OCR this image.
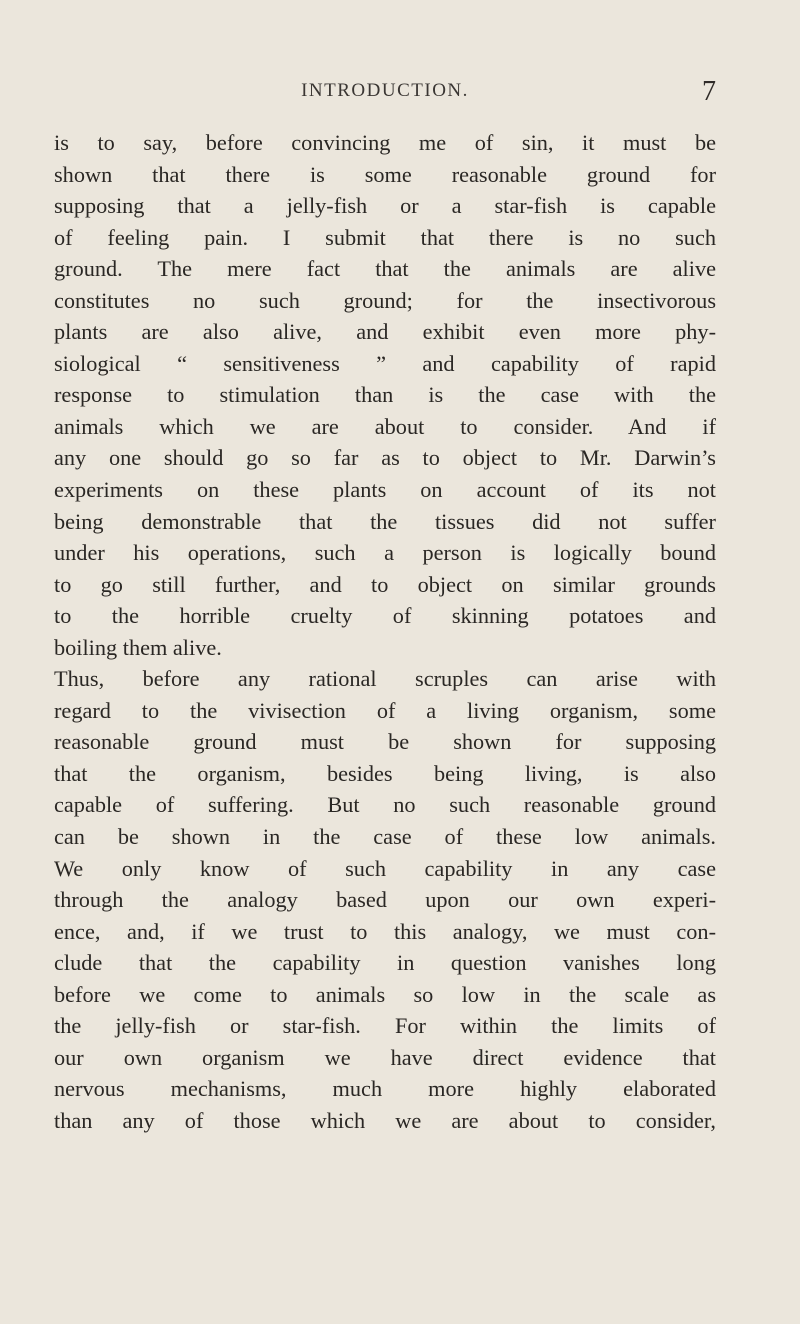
INTRODUCTION.	7
is to say, before convincing me of sin, it must be
shown that there is some reasonable ground for
supposing that a jelly-fish or a star-fish is capable
of feeling pain. I submit that there is no such
ground. The mere fact that the animals are alive
constitutes no such ground; for the insectivorous
plants are also alive, and exhibit even more phy-
siological “ sensitiveness ” and capability of rapid
response to stimulation than is the case with the
animals which we are about to consider. And if
any one should go so far as to object to Mr. Darwin’s
experiments on these plants on account of its not
being demonstrable that the tissues did not suffer
under his operations, such a person is logically bound
to go still further, and to object on similar grounds
to the horrible cruelty of skinning potatoes and
boiling them alive.
Thus, before any rational scruples can arise with
regard to the vivisection of a living organism, some
reasonable ground must be shown for supposing
that the organism, besides being living, is also
capable of suffering. But no such reasonable ground
can be shown in the case of these low animals.
We only know of such capability in any case
through the analogy based upon our own experi-
ence, and, if we trust to this analogy, we must con-
clude that the capability in question vanishes long
before we come to animals so low in the scale as
the jelly-fish or star-fish. For within the limits of
our own organism we have direct evidence that
nervous mechanisms, much more highly elaborated
than any of those which we are about to consider,
